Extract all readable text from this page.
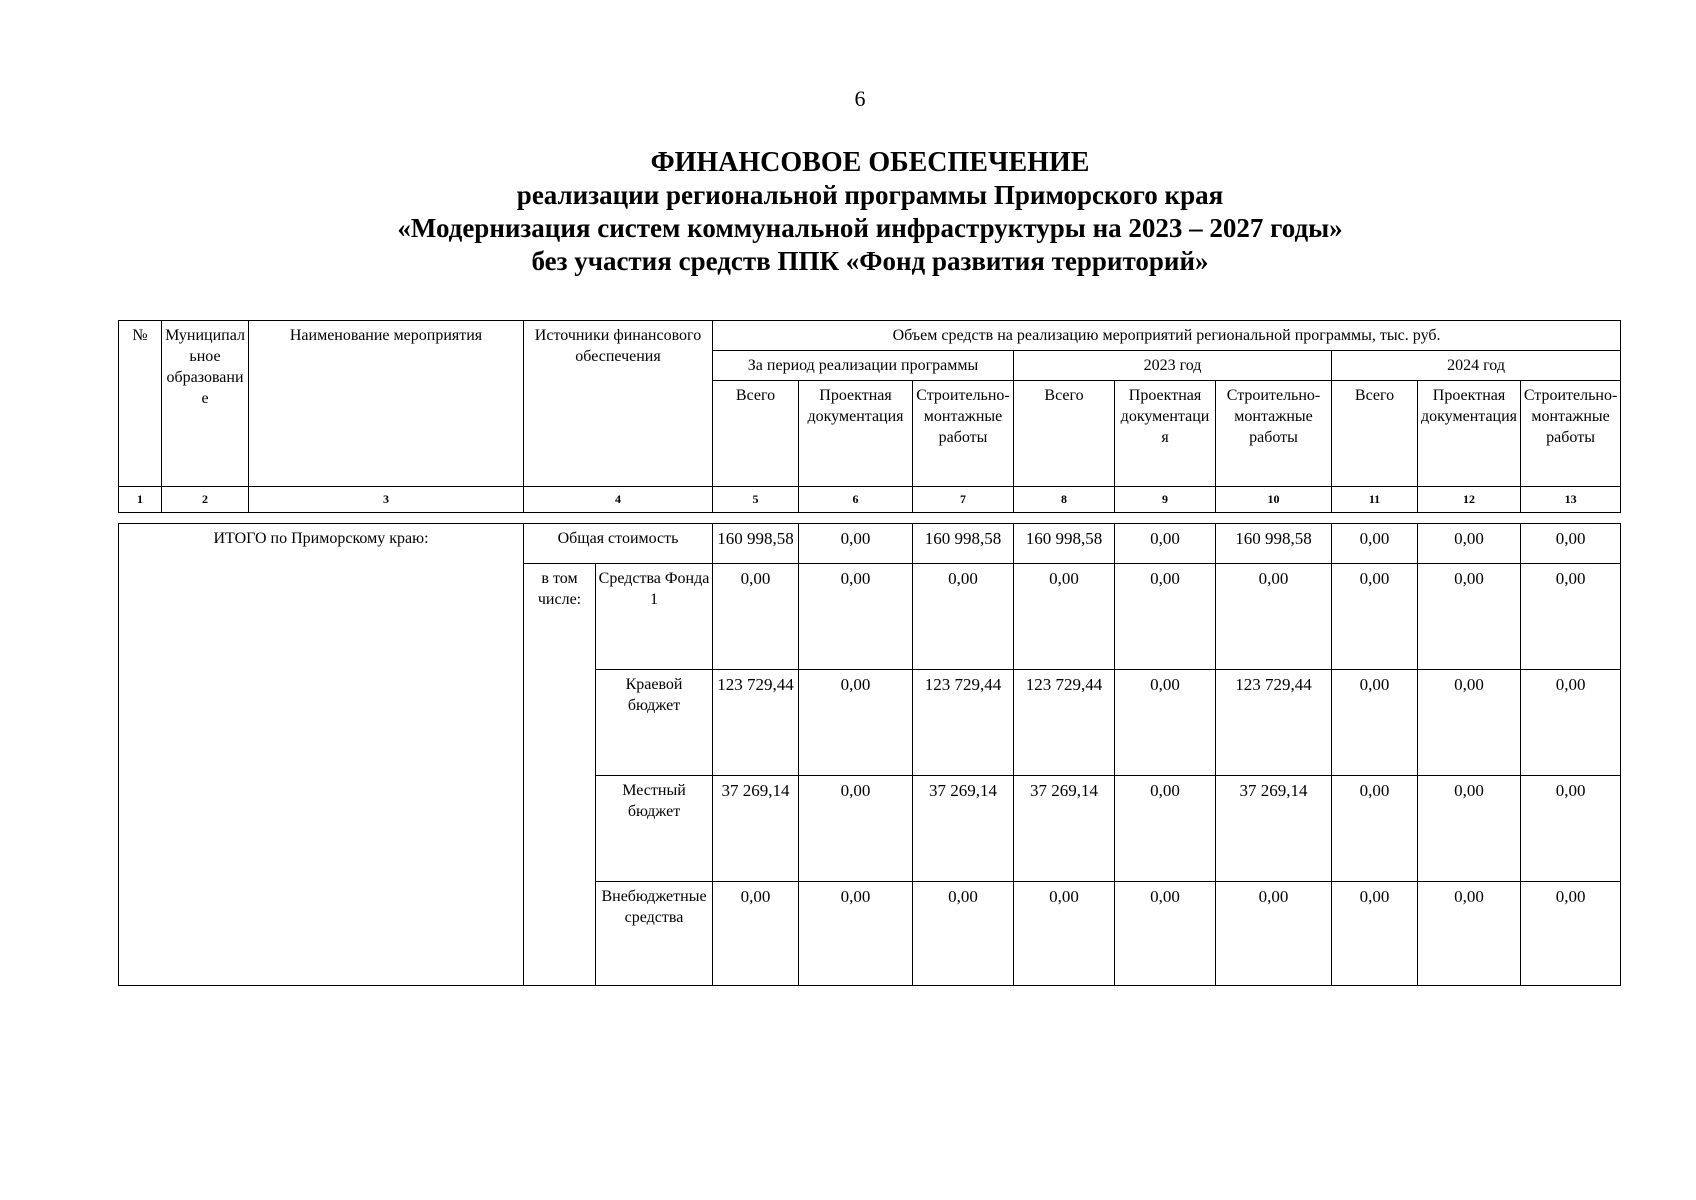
6
ФИНАНСОВОЕ ОБЕСПЕЧЕНИЕ
реализации региональной программы Приморского края
«Модернизация систем коммунальной инфраструктуры на 2023 – 2027 годы»
без участия средств ППК «Фонд развития территорий»
№	Муниципальное образование	Наименование мероприятия	Источники финансового обеспечения		Объем средств на реализацию мероприятий региональной программы, тыс. руб.								
					За период реализации программы			2023 год			2024 год		
					Всего	Проектная документация	Строительно-монтажные работы	Всего	Проектная документация	Строительно-монтажные работы	Всего	Проектная документация	Строительно-монтажные работы
1	2	3	4		5	6	7	8	9	10	11	12	13

ИТОГО по Приморскому краю:			Общая стоимость		160 998,58	0,00	160 998,58	160 998,58	0,00	160 998,58	0,00	0,00	0,00
			в том числе:	Средства Фонда 1	0,00	0,00	0,00	0,00	0,00	0,00	0,00	0,00	0,00
				Краевой бюджет	123 729,44	0,00	123 729,44	123 729,44	0,00	123 729,44	0,00	0,00	0,00
				Местный бюджет	37 269,14	0,00	37 269,14	37 269,14	0,00	37 269,14	0,00	0,00	0,00
				Внебюджетные средства	0,00	0,00	0,00	0,00	0,00	0,00	0,00	0,00	0,00
